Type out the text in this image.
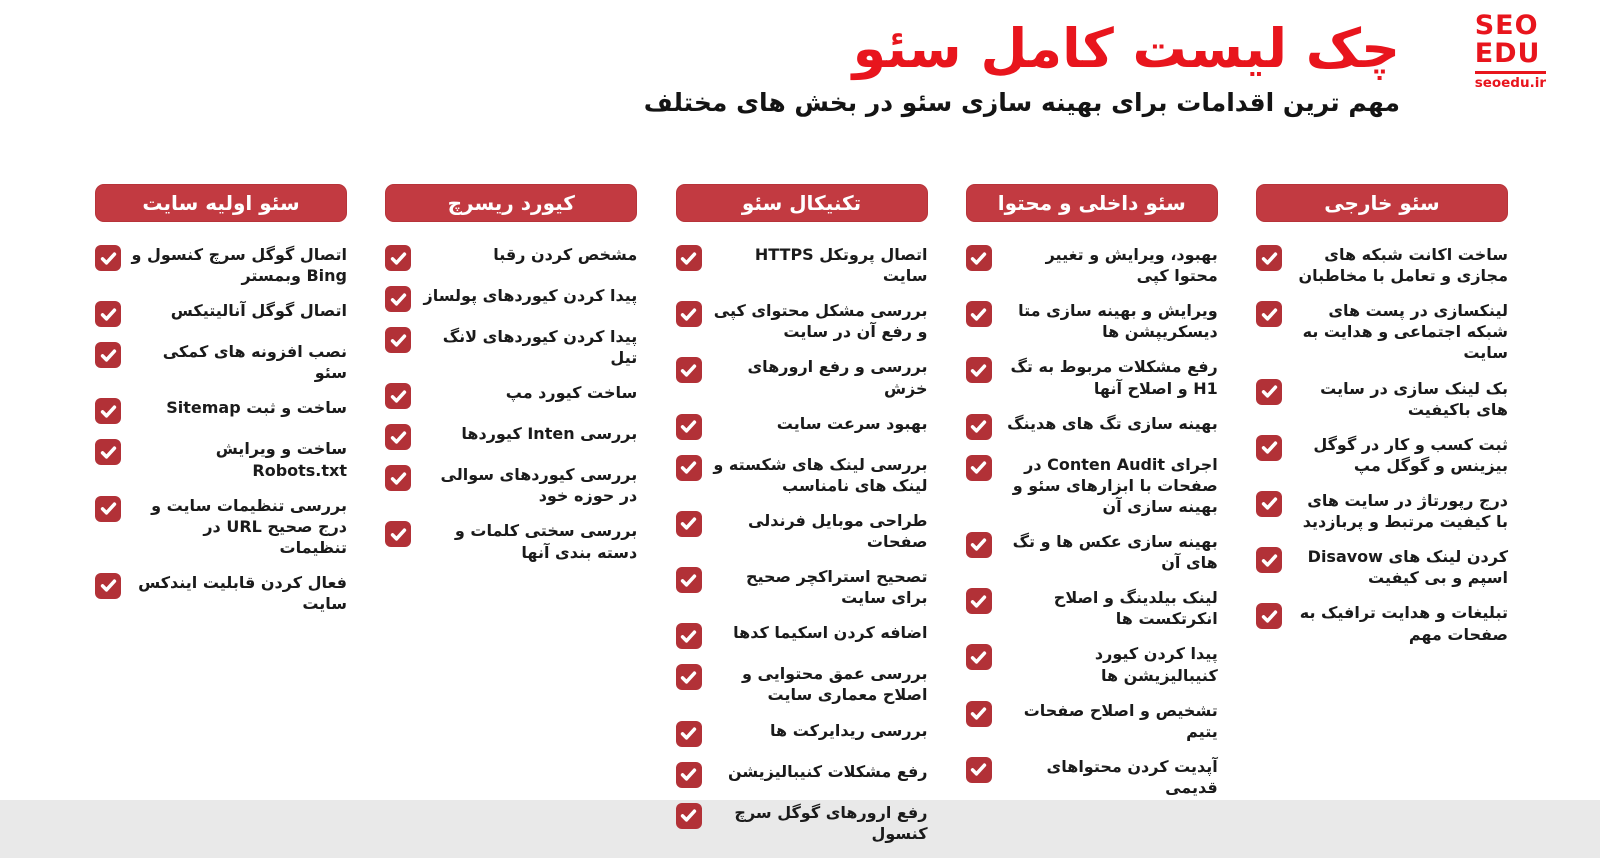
SEO
EDU
seoedu.ir
چک لیست کامل سئو

مهم ترین اقدامات برای بهینه سازی سئو در بخش های مختلف

سئو خارجی
ساخت اکانت شبکه های مجازی و تعامل با مخاطبان
لینکسازی در پست های شبکه اجتماعی و هدایت به سایت
بک لینک سازی در سایت های باکیفیت
ثبت کسب و کار در گوگل بیزینس و گوگل مپ
درج رپورتاژ در سایت های با کیفیت مرتبط و پربازدید
Disavow کردن لینک های اسپم و بی کیفیت
تبلیغات و هدایت ترافیک به صفحات مهم
سئو داخلی و محتوا
بهبود، ویرایش و تغییر محتوا کپی
ویرایش و بهینه سازی متا دیسکریپشن ها
رفع مشکلات مربوط به تگ H1 و اصلاح آنها
بهینه سازی تگ های هدینگ
اجرای Conten Audit در صفحات با ابزارهای سئو و بهینه سازی آن
بهینه سازی عکس ها و تگ های آن
لینک بیلدینگ و اصلاح انکرتکست ها
پیدا کردن کیورد کنیبالیزیشن ها
تشخیص و اصلاح صفحات یتیم
آپدیت کردن محتواهای قدیمی
تکنیکال سئو
اتصال پروتکل HTTPS سایت
بررسی مشکل محتوای کپی و رفع آن در سایت
بررسی و رفع ارورهای خزش
بهبود سرعت سایت
بررسی لینک های شکسته و لینک های نامناسب
طراحی موبایل فرندلی صفحات
تصحیح استراکچر صحیح برای سایت
اضافه کردن اسکیما کدها
بررسی عمق محتوایی و اصلاح معماری سایت
بررسی ریدایرکت ها
رفع مشکلات کنیبالیزیشن
رفع ارورهای گوگل سرچ کنسول
کیورد ریسرچ
مشخص کردن رقبا
پیدا کردن کیوردهای پولساز
پیدا کردن کیوردهای لانگ تیل
ساخت کیورد مپ
بررسی Inten کیوردها
بررسی کیوردهای سوالی در حوزه خود
بررسی سختی کلمات و دسته بندی آنها
سئو اولیه سایت
اتصال گوگل سرچ کنسول و Bing وبمستر
اتصال گوگل آنالیتیکس
نصب افزونه های کمکی سئو
ساخت و ثبت Sitemap
ساخت و ویرایش Robots.txt
بررسی تنظیمات سایت و درج صحیح URL در تنظیمات
فعال کردن قابلیت ایندکس سایت
